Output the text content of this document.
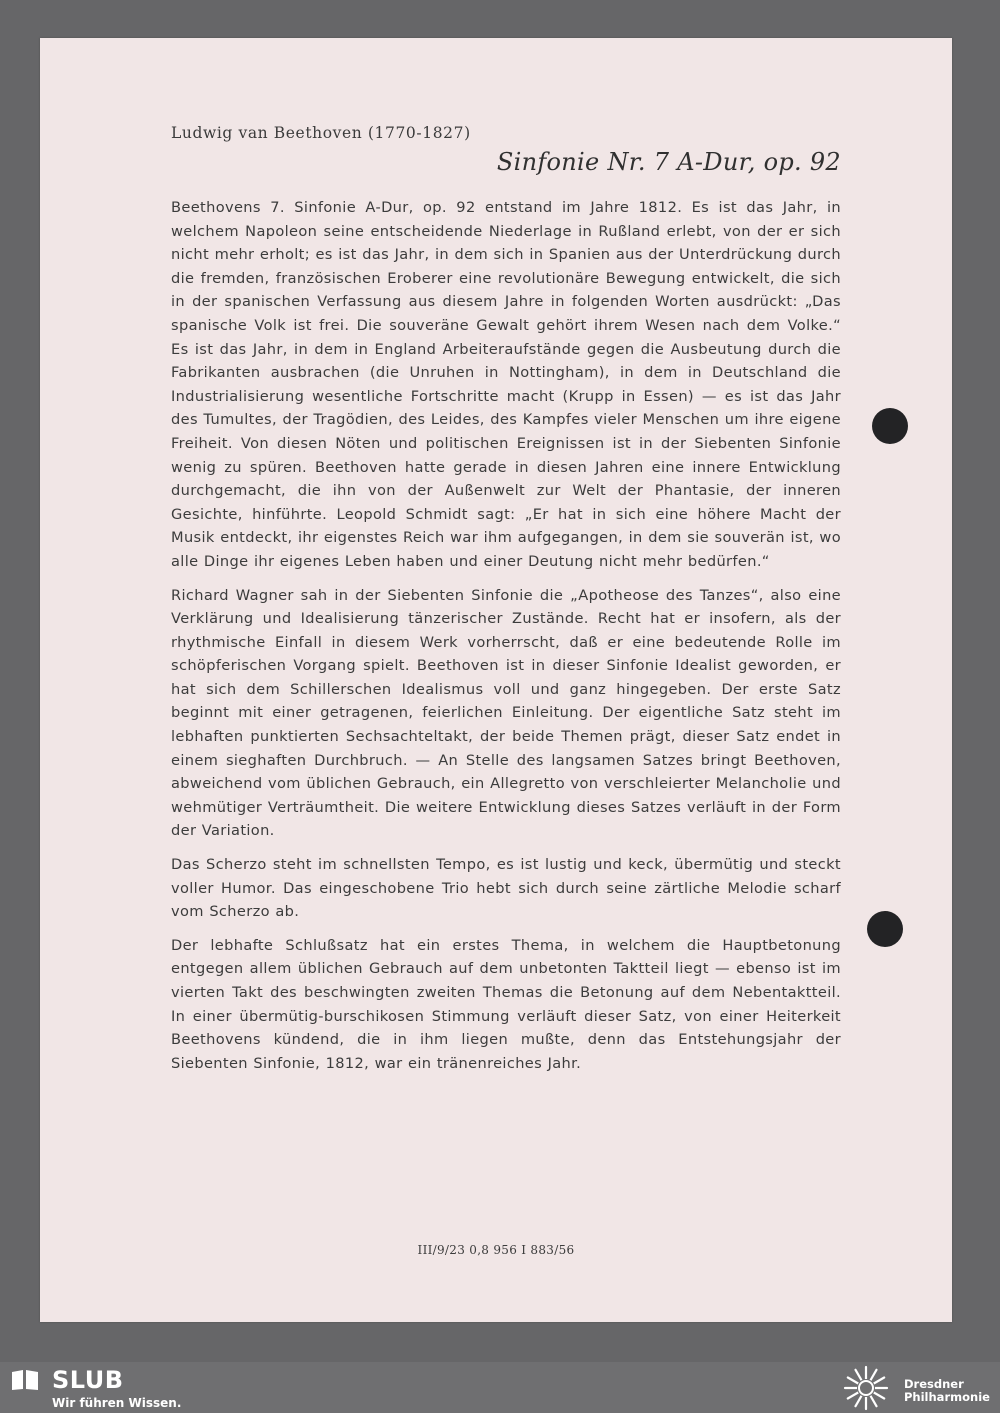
Ludwig van Beethoven (1770-1827)
Sinfonie Nr. 7 A-Dur, op. 92

Beethovens 7. Sinfonie A-Dur, op. 92 entstand im Jahre 1812. Es ist das Jahr, in welchem Napoleon seine entscheidende Niederlage in Rußland erlebt, von der er sich nicht mehr erholt; es ist das Jahr, in dem sich in Spanien aus der Unterdrückung durch die fremden, französischen Eroberer eine revolutionäre Bewegung entwickelt, die sich in der spanischen Verfassung aus diesem Jahre in folgenden Worten ausdrückt: „Das spanische Volk ist frei. Die souveräne Gewalt gehört ihrem Wesen nach dem Volke.“ Es ist das Jahr, in dem in England Arbeiteraufstände gegen die Ausbeutung durch die Fabrikanten ausbrachen (die Unruhen in Nottingham), in dem in Deutschland die Industrialisierung wesentliche Fortschritte macht (Krupp in Essen) — es ist das Jahr des Tumultes, der Tragödien, des Leides, des Kampfes vieler Menschen um ihre eigene Freiheit. Von diesen Nöten und politischen Ereignissen ist in der Siebenten Sinfonie wenig zu spüren. Beethoven hatte gerade in diesen Jahren eine innere Entwicklung durchgemacht, die ihn von der Außenwelt zur Welt der Phantasie, der inneren Gesichte, hinführte. Leopold Schmidt sagt: „Er hat in sich eine höhere Macht der Musik entdeckt, ihr eigenstes Reich war ihm aufgegangen, in dem sie souverän ist, wo alle Dinge ihr eigenes Leben haben und einer Deutung nicht mehr bedürfen.“

Richard Wagner sah in der Siebenten Sinfonie die „Apotheose des Tanzes“, also eine Verklärung und Idealisierung tänzerischer Zustände. Recht hat er insofern, als der rhythmische Einfall in diesem Werk vorherrscht, daß er eine bedeutende Rolle im schöpferischen Vorgang spielt. Beethoven ist in dieser Sinfonie Idealist geworden, er hat sich dem Schillerschen Idealismus voll und ganz hingegeben. Der erste Satz beginnt mit einer getragenen, feierlichen Einleitung. Der eigentliche Satz steht im lebhaften punktierten Sechsachteltakt, der beide Themen prägt, dieser Satz endet in einem sieghaften Durchbruch. — An Stelle des langsamen Satzes bringt Beethoven, abweichend vom üblichen Gebrauch, ein Allegretto von verschleierter Melancholie und wehmütiger Verträumtheit. Die weitere Entwicklung dieses Satzes verläuft in der Form der Variation.

Das Scherzo steht im schnellsten Tempo, es ist lustig und keck, übermütig und steckt voller Humor. Das eingeschobene Trio hebt sich durch seine zärtliche Melodie scharf vom Scherzo ab.

Der lebhafte Schlußsatz hat ein erstes Thema, in welchem die Hauptbetonung entgegen allem üblichen Gebrauch auf dem unbetonten Taktteil liegt — ebenso ist im vierten Takt des beschwingten zweiten Themas die Betonung auf dem Nebentaktteil. In einer übermütig-burschikosen Stimmung verläuft dieser Satz, von einer Heiterkeit Beethovens kündend, die in ihm liegen mußte, denn das Entstehungsjahr der Siebenten Sinfonie, 1812, war ein tränenreiches Jahr.

III/9/23 0,8 956 I 883/56
SLUB
Wir führen Wissen.
Dresdner
Philharmonie
